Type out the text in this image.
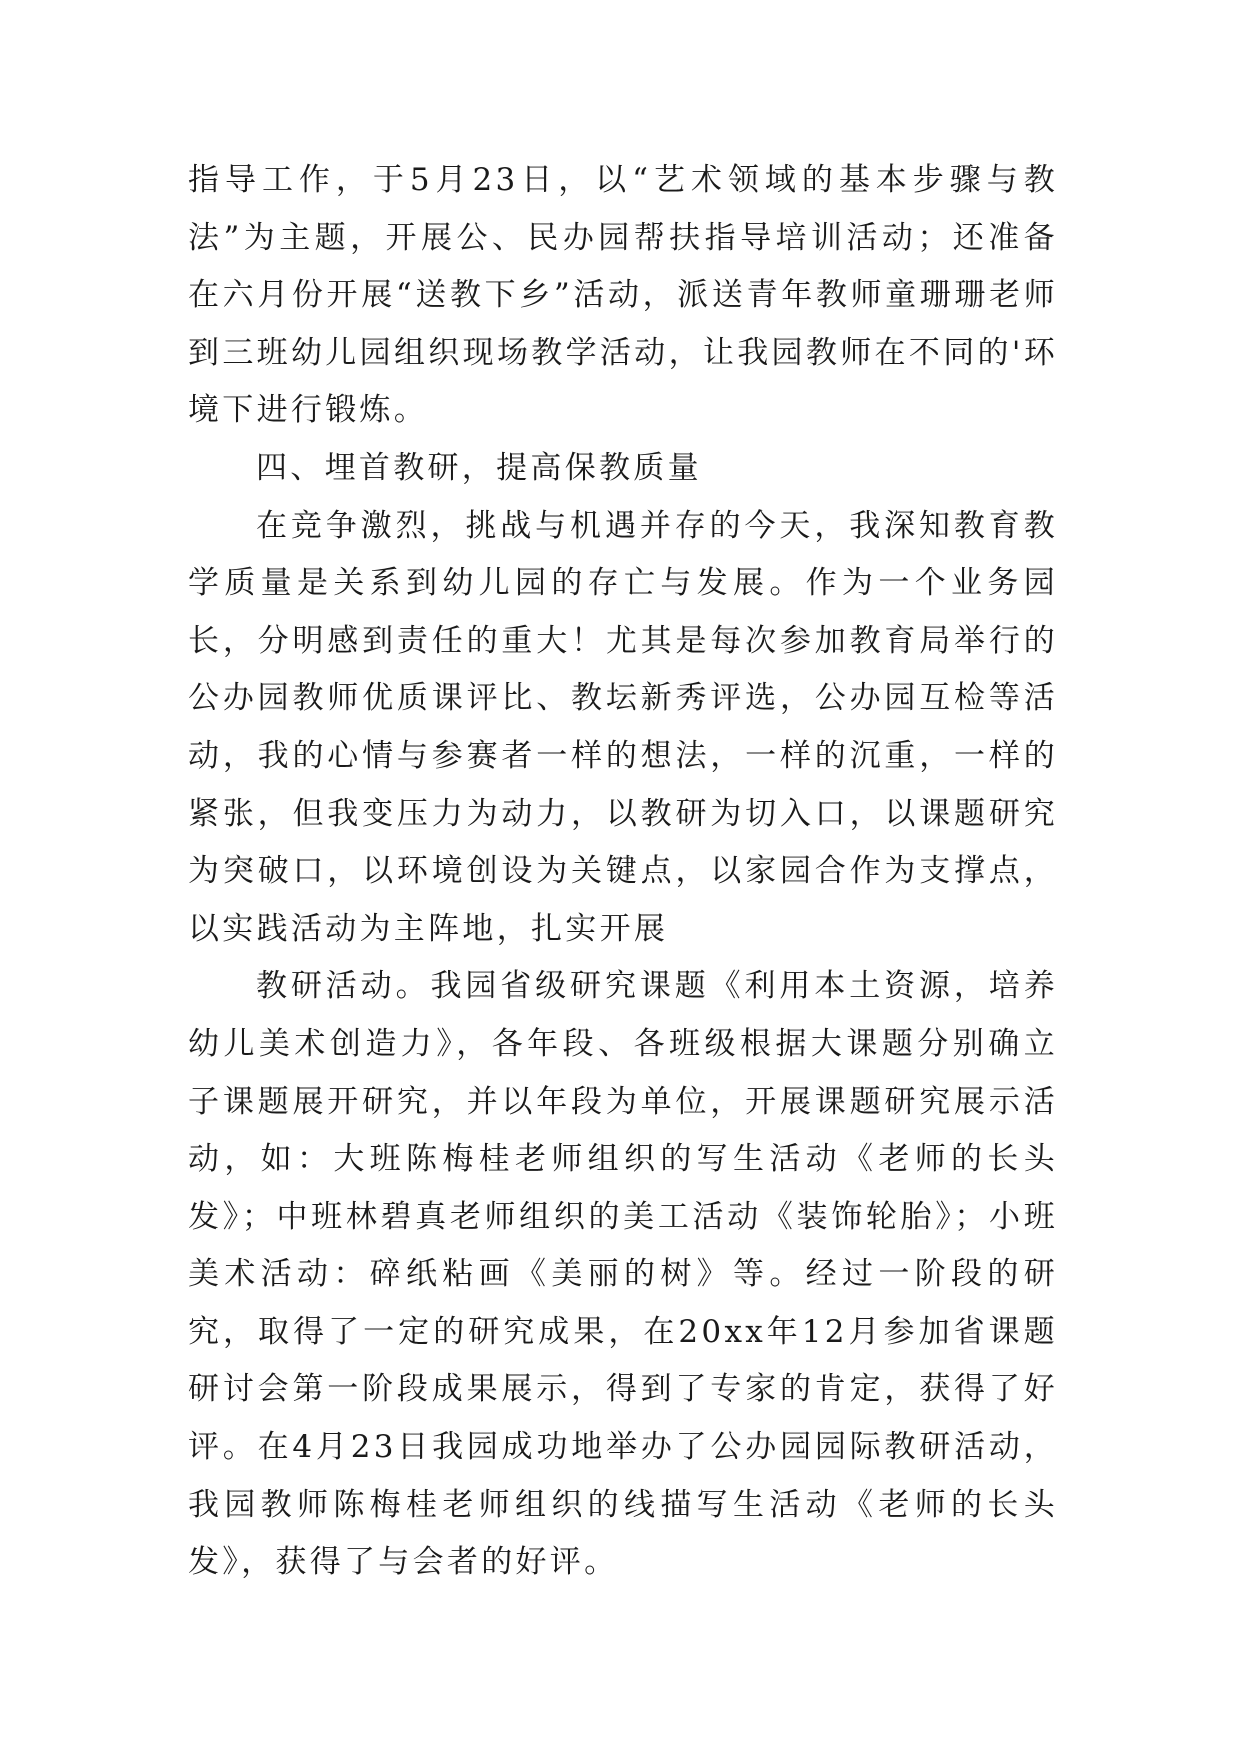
指导工作，于5月23日，以“艺术领域的基本步骤与教法”为主题，开展公、民办园帮扶指导培训活动；还准备在六月份开展“送教下乡”活动，派送青年教师童珊珊老师到三班幼儿园组织现场教学活动，让我园教师在不同的'环境下进行锻炼。

四、埋首教研，提高保教质量

在竞争激烈，挑战与机遇并存的今天，我深知教育教学质量是关系到幼儿园的存亡与发展。作为一个业务园长，分明感到责任的重大！尤其是每次参加教育局举行的公办园教师优质课评比、教坛新秀评选，公办园互检等活动，我的心情与参赛者一样的想法，一样的沉重，一样的紧张，但我变压力为动力，以教研为切入口，以课题研究为突破口，以环境创设为关键点，以家园合作为支撑点，以实践活动为主阵地，扎实开展

教研活动。我园省级研究课题《利用本土资源，培养幼儿美术创造力》，各年段、各班级根据大课题分别确立子课题展开研究，并以年段为单位，开展课题研究展示活动，如：大班陈梅桂老师组织的写生活动《老师的长头发》；中班林碧真老师组织的美工活动《装饰轮胎》；小班美术活动：碎纸粘画《美丽的树》等。经过一阶段的研究，取得了一定的研究成果，在20xx年12月参加省课题研讨会第一阶段成果展示，得到了专家的肯定，获得了好评。在4月23日我园成功地举办了公办园园际教研活动，我园教师陈梅桂老师组织的线描写生活动《老师的长头发》，获得了与会者的好评。
